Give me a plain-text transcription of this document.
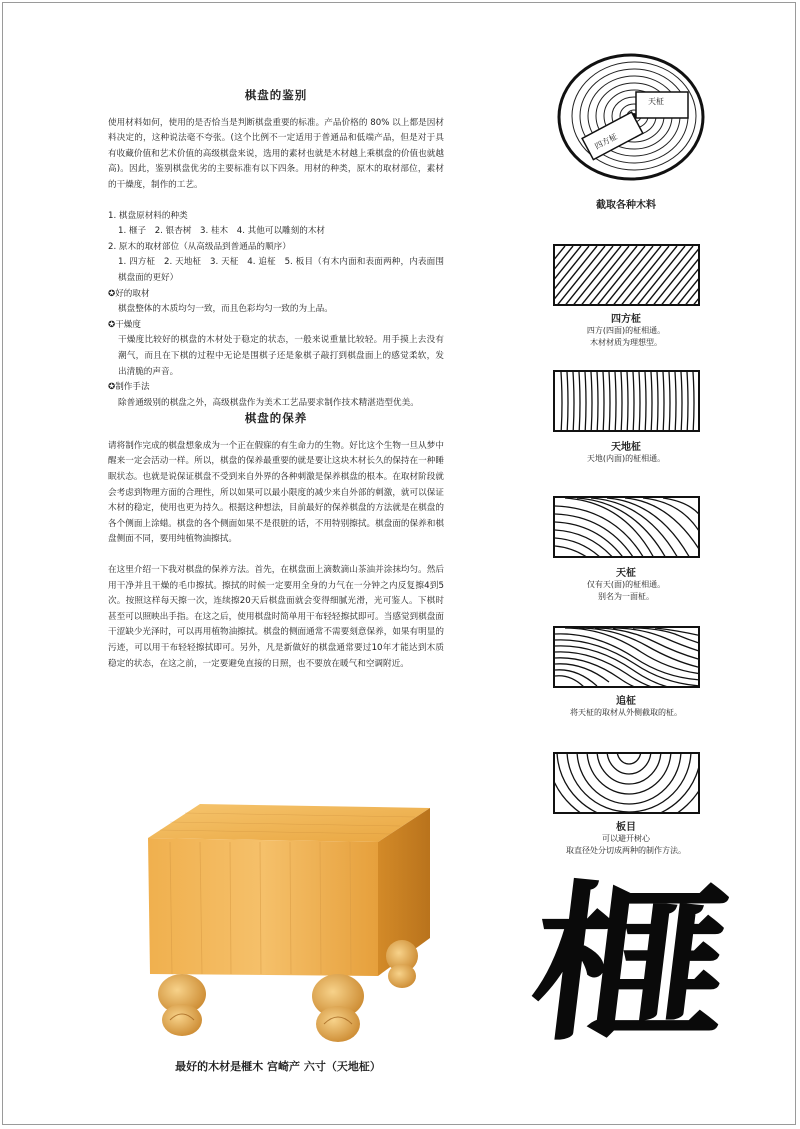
棋盘的鉴别

使用材料如何，使用的是否恰当是判断棋盘重要的标准。产品价格的 80% 以上都是因材料决定的，这种说法毫不夸张。(这个比例不一定适用于普通品和低端产品，但是对于具有收藏价值和艺术价值的高级棋盘来说，选用的素材也就是木材越上乘棋盘的价值也就越高)。因此，鉴别棋盘优劣的主要标准有以下四条。用材的种类，原木的取材部位，素材的干燥度，制作的工艺。

1. 棋盘原材料的种类

1. 榧子　2. 银杏树　3. 桂木　4. 其他可以雕刻的木材

2. 原木的取材部位（从高级品到普通品的顺序）

1. 四方柾　2. 天地柾　3. 天柾　4. 追柾　5. 板目（有木内面和表面两种，内表面围棋盘面的更好）

✪好的取材

棋盘整体的木质均匀一致，而且色彩均匀一致的为上品。

✪干燥度

干燥度比较好的棋盘的木材处于稳定的状态，一般来说重量比较轻。用手摸上去没有潮气，而且在下棋的过程中无论是围棋子还是象棋子敲打到棋盘面上的感觉柔软，发出清脆的声音。

✪制作手法

除普通级别的棋盘之外，高级棋盘作为美术工艺品要求制作技术精湛造型优美。

棋盘的保养

请将制作完成的棋盘想象成为一个正在假寐的有生命力的生物。好比这个生物一旦从梦中醒来一定会活动一样。所以，棋盘的保养最重要的就是要让这块木材长久的保持在一种睡眠状态。也就是说保证棋盘不受到来自外界的各种刺激是保养棋盘的根本。在取材阶段就会考虑到物理方面的合理性，所以如果可以最小限度的减少来自外部的刺激，就可以保证木材的稳定，使用也更为持久。根据这种想法，目前最好的保养棋盘的方法就是在棋盘的各个侧面上涂蜡。棋盘的各个侧面如果不是很脏的话，不用特别擦拭。棋盘面的保养和棋盘侧面不同，要用纯植物油擦拭。

在这里介绍一下我对棋盘的保养方法。首先，在棋盘面上滴数滴山茶油并涂抹均匀。然后用干净并且干燥的毛巾擦拭。擦拭的时候一定要用全身的力气在一分钟之内反复擦4到5次。按照这样每天擦一次，连续擦20天后棋盘面就会变得细腻光滑，光可鉴人。下棋时甚至可以照映出手指。在这之后，使用棋盘时简单用干布轻轻擦拭即可。当感觉到棋盘面干涩缺少光泽时，可以再用植物油擦拭。棋盘的侧面通常不需要刻意保养，如果有明显的污迹，可以用干布轻轻擦拭即可。另外，凡是新做好的棋盘通常要过10年才能达到木质稳定的状态，在这之前，一定要避免直接的日照，也不要放在暖气和空调附近。

天柾
四方柾
截取各种木料
四方柾
四方(四面)的柾相通。
木材材质为理想型。
天地柾
天地(内面)的柾相通。
天柾
仅有天(面)的柾相通。
别名为一面柾。
追柾
将天柾的取材从外侧截取的柾。
板目
可以避开树心
取直径处分切成两种的制作方法。
榧
最好的木材是榧木 宫崎产 六寸（天地柾）
